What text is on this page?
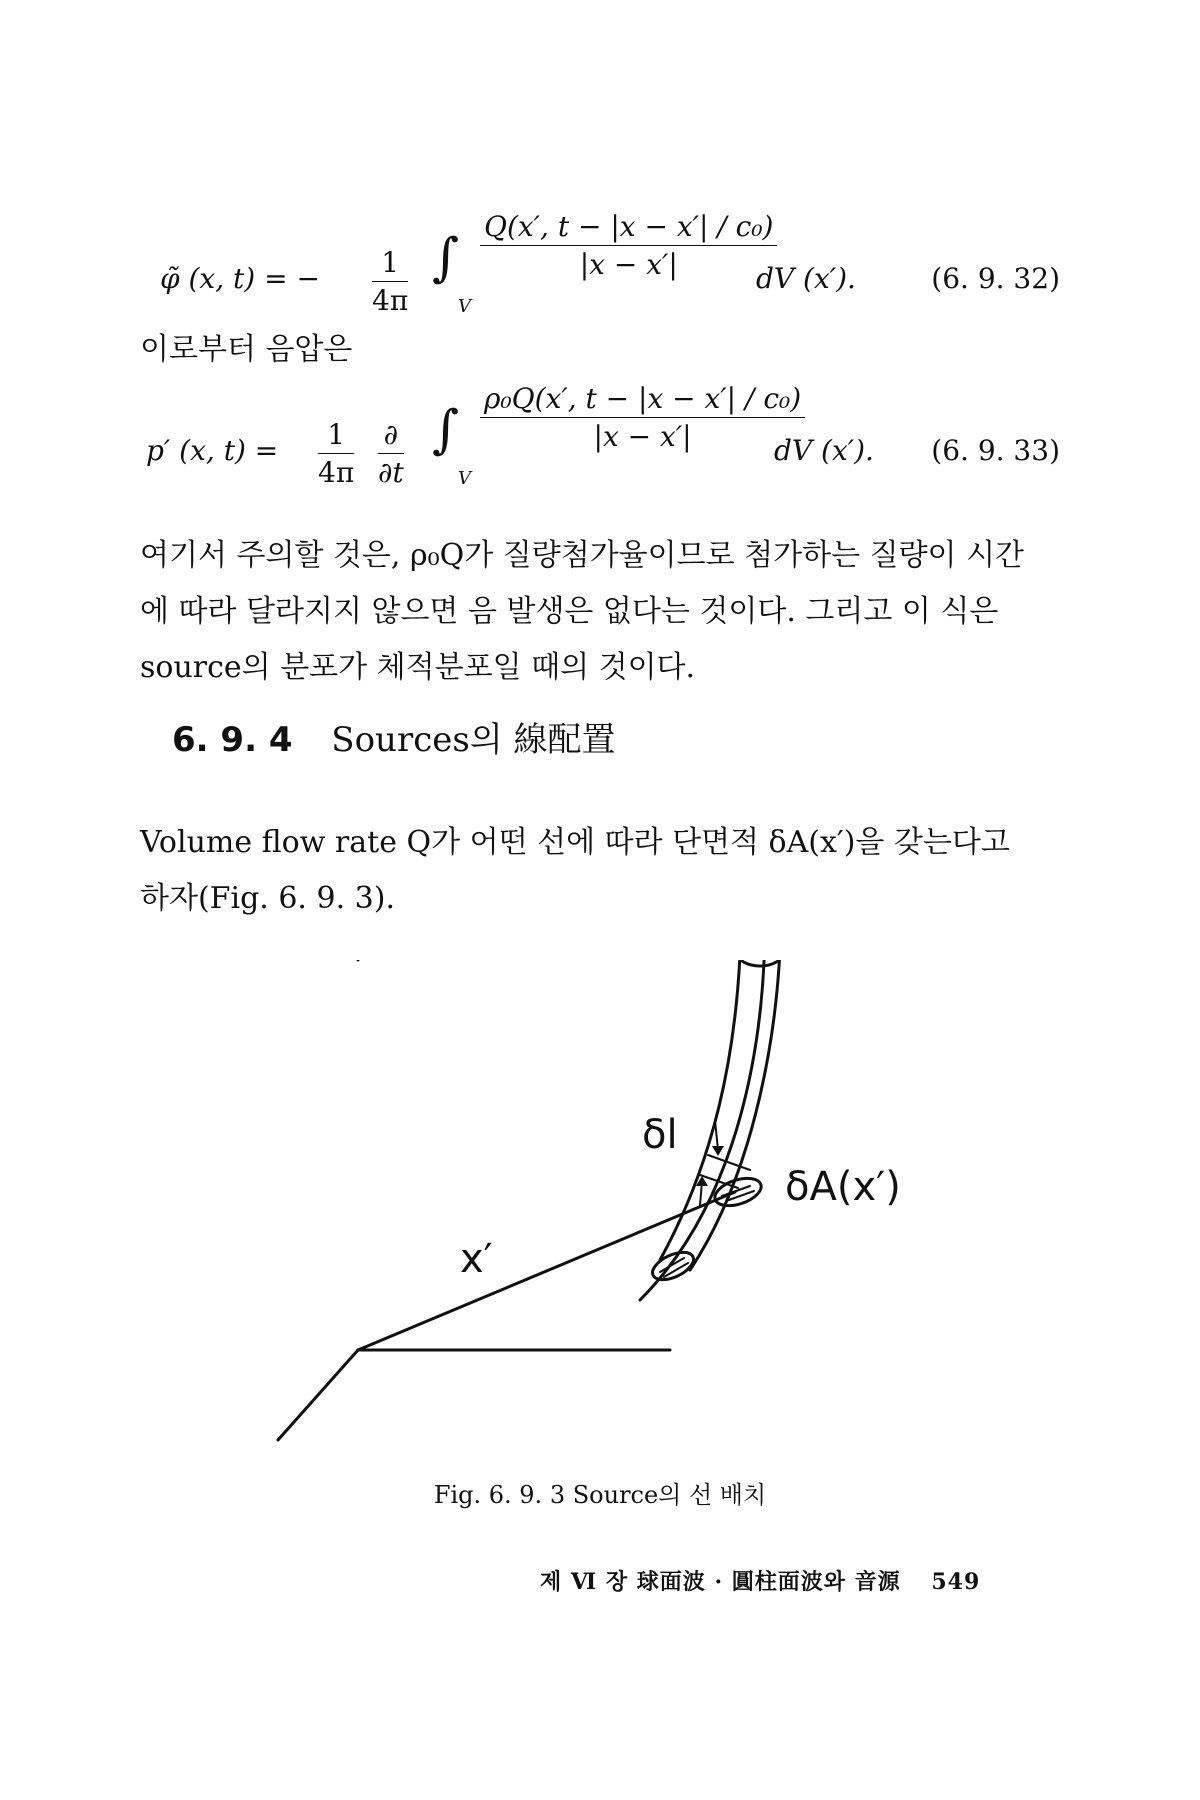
φ̃ (x, t) = − $\frac{1}{4\pi}$ ∫
V
$\frac{\text{Q(x′, t − |x − x′| / c₀)}}{|x - x'|}$
dV (x′).	(6. 9. 32)

이로부터 음압은

p′ (x, $t) = \frac{1}{4\pi}$ ∂
∂t
∫
V
$\frac{\text{ρ₀Q(x′, t − |x − x′| / c₀)}}{|x - x'|}$
dV (x′). (6. 9. 33)

여기서 주의할 것은, ρ₀Q가 질량첨가율이므로 첨가하는 질량이 시간에 따라 달라지지 않으면 음 발생은 없다는 것이다. 그리고 이 식은 source의 분포가 체적분포일 때의 것이다.

6. 9. 4 Sources의 線配置

Volume flow rate Q가 어떤 선에 따라 단면적 δA(x′)을 갖는다고 하자(Fig. 6. 9. 3).

δl
δA(x′)
x′
Fig. 6. 9. 3 Source의 선 배치
제 Ⅵ 장 球面波 · 圓柱面波와 音源 549
